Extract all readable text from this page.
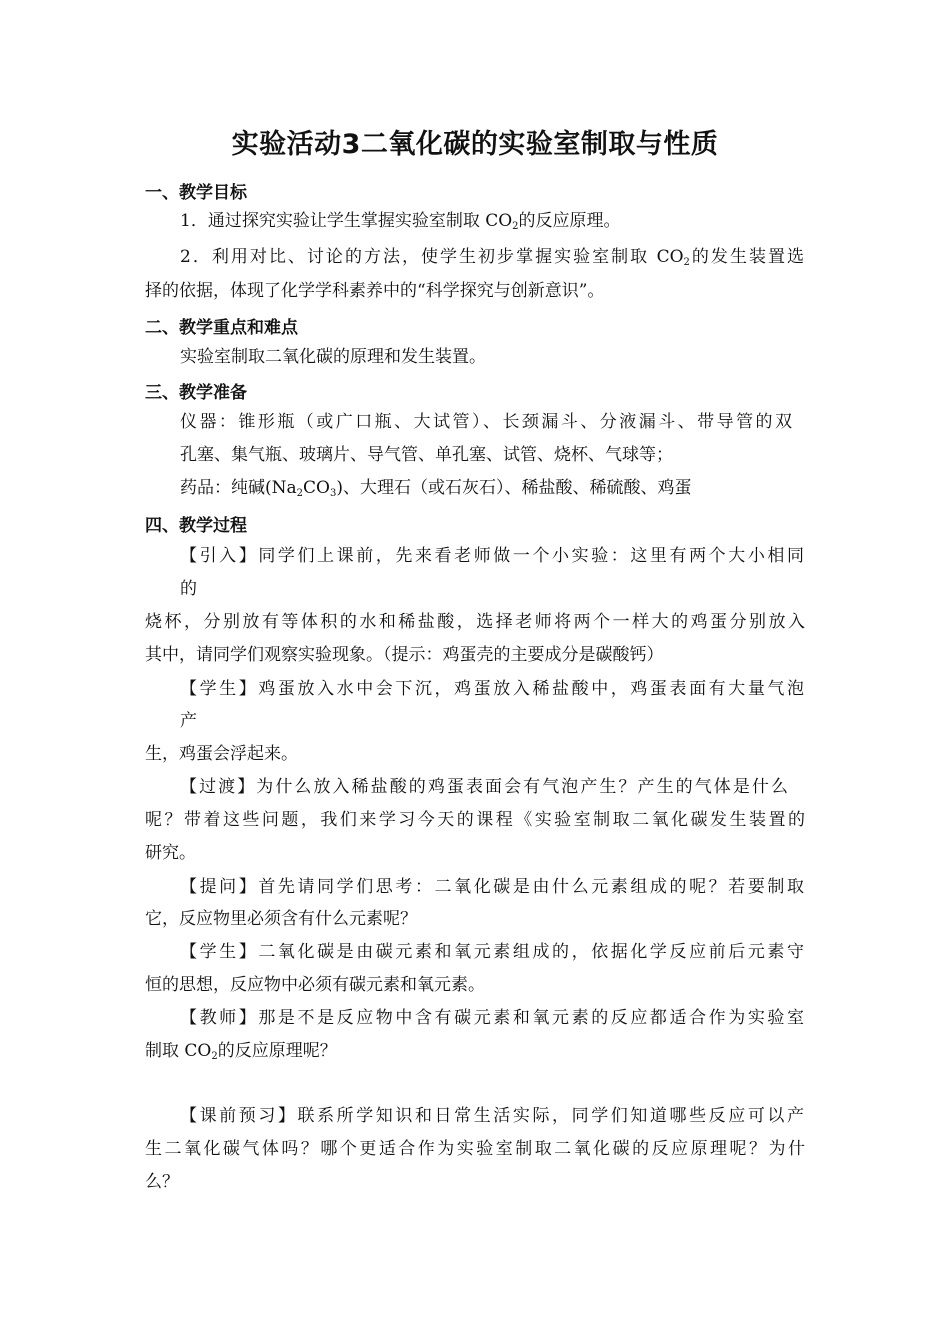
实验活动3二氧化碳的实验室制取与性质
一、教学目标
1．通过探究实验让学生掌握实验室制取 $CO_2$的反应原理。
2．利用对比、讨论的方法，使学生初步掌握实验室制取 $CO_2$的发生装置选
择的依据，体现了化学学科素养中的“科学探究与创新意识”。
二、教学重点和难点
实验室制取二氧化碳的原理和发生装置。
三、教学准备
仪器：锥形瓶（或广口瓶、大试管）、长颈漏斗、分液漏斗、带导管的双
孔塞、集气瓶、玻璃片、导气管、单孔塞、试管、烧杯、气球等；
药品：纯碱$(Na_2CO_3)$、大理石（或石灰石）、稀盐酸、稀硫酸、鸡蛋
四、教学过程
【引入】同学们上课前，先来看老师做一个小实验：这里有两个大小相同
的
烧杯，分别放有等体积的水和稀盐酸，选择老师将两个一样大的鸡蛋分别放入
其中，请同学们观察实验现象。（提示：鸡蛋壳的主要成分是碳酸钙）
【学生】鸡蛋放入水中会下沉，鸡蛋放入稀盐酸中，鸡蛋表面有大量气泡
产
生，鸡蛋会浮起来。
【过渡】为什么放入稀盐酸的鸡蛋表面会有气泡产生？产生的气体是什么
呢？带着这些问题，我们来学习今天的课程《实验室制取二氧化碳发生装置的
研究。
【提问】首先请同学们思考：二氧化碳是由什么元素组成的呢？若要制取
它，反应物里必须含有什么元素呢？
【学生】二氧化碳是由碳元素和氧元素组成的，依据化学反应前后元素守
恒的思想，反应物中必须有碳元素和氧元素。
【教师】那是不是反应物中含有碳元素和氧元素的反应都适合作为实验室
制取 $CO_2$的反应原理呢？
【课前预习】联系所学知识和日常生活实际，同学们知道哪些反应可以产
生二氧化碳气体吗？哪个更适合作为实验室制取二氧化碳的反应原理呢？为什
么？
